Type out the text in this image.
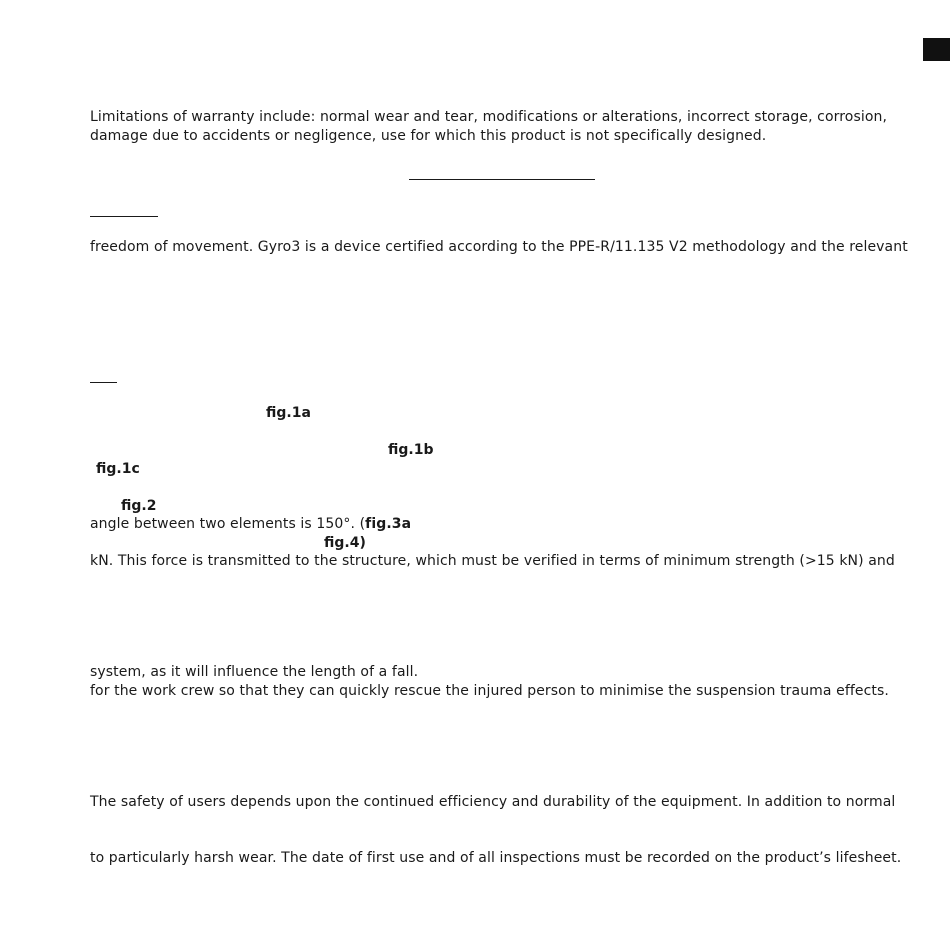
Limitations of warranty include: normal wear and tear, modifications or alterations, incorrect storage, corrosion,
damage due to accidents or negligence, use for which this product is not specifically designed.
freedom of movement. Gyro3 is a device certified according to the PPE-R/11.135 V2 methodology and the relevant
fig.1a
fig.1b
fig.1c
fig.2
angle between two elements is 150°. (fig.3a
fig.4)
kN. This force is transmitted to the structure, which must be verified in terms of minimum strength (>15 kN) and
system, as it will influence the length of a fall.
for the work crew so that they can quickly rescue the injured person to minimise the suspension trauma effects.
The safety of users depends upon the continued efficiency and durability of the equipment. In addition to normal
to particularly harsh wear. The date of first use and of all inspections must be recorded on the product’s lifesheet.
